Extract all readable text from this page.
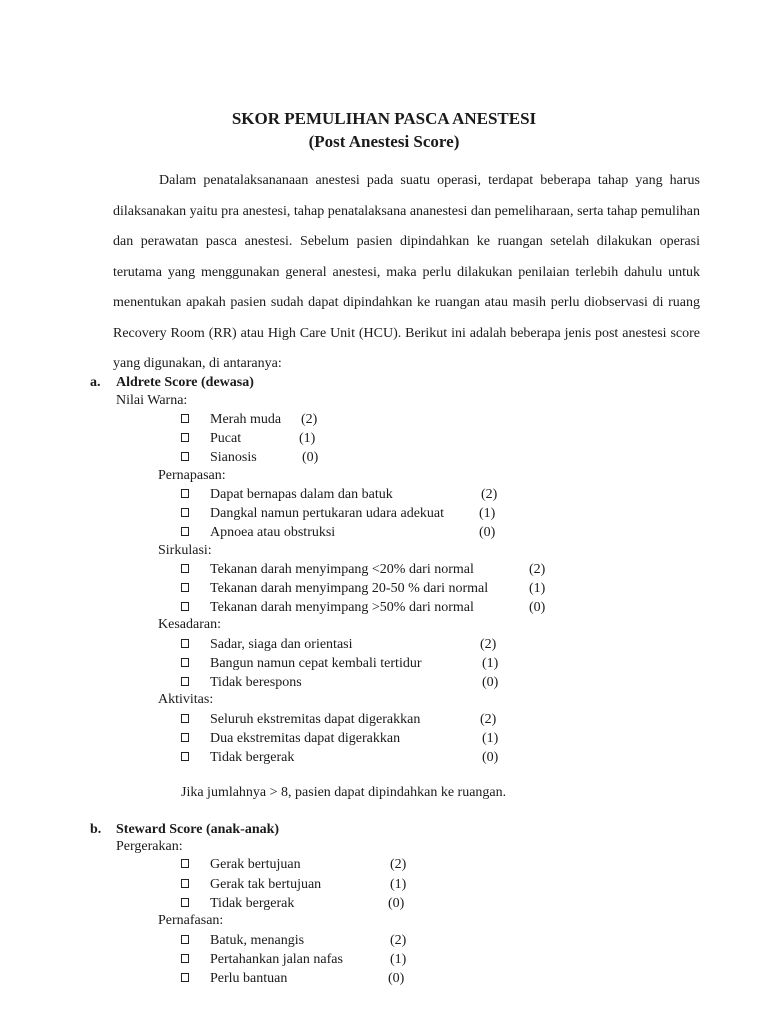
SKOR PEMULIHAN PASCA ANESTESI
(Post Anestesi Score)

Dalam penatalaksananaan anestesi pada suatu operasi, terdapat beberapa tahap yang harus dilaksanakan yaitu pra anestesi, tahap penatalaksana ananestesi dan pemeliharaan, serta tahap pemulihan dan perawatan pasca anestesi. Sebelum pasien dipindahkan ke ruangan setelah dilakukan operasi terutama yang menggunakan general anestesi, maka perlu dilakukan penilaian terlebih dahulu untuk menentukan apakah pasien sudah dapat dipindahkan ke ruangan atau masih perlu diobservasi di ruang Recovery Room (RR) atau High Care Unit (HCU). Berikut ini adalah beberapa jenis post anestesi score yang digunakan, di antaranya:

a. Aldrete Score (dewasa)
Nilai Warna:
Merah muda (2)
Pucat	(1)
Sianosis	(0)
Pernapasan:
Dapat bernapas dalam dan batuk	(2)
Dangkal namun pertukaran udara adekuat (1)
Apnoea atau obstruksi	(0)
Sirkulasi:
Tekanan darah menyimpang <20% dari normal	(2)
Tekanan darah menyimpang 20-50 % dari normal	(1)
Tekanan darah menyimpang >50% dari normal	(0)
Kesadaran:
Sadar, siaga dan orientasi	(2)
Bangun namun cepat kembali tertidur	(1)
Tidak berespons	(0)
Aktivitas:
Seluruh ekstremitas dapat digerakkan	(2)
Dua ekstremitas dapat digerakkan	(1)
Tidak bergerak	(0)
Jika jumlahnya > 8, pasien dapat dipindahkan ke ruangan.
b. Steward Score (anak-anak)
Pergerakan:
Gerak bertujuan	(2)
Gerak tak bertujuan	(1)
Tidak bergerak	(0)
Pernafasan:
Batuk, menangis	(2)
Pertahankan jalan nafas	(1)
Perlu bantuan	(0)
